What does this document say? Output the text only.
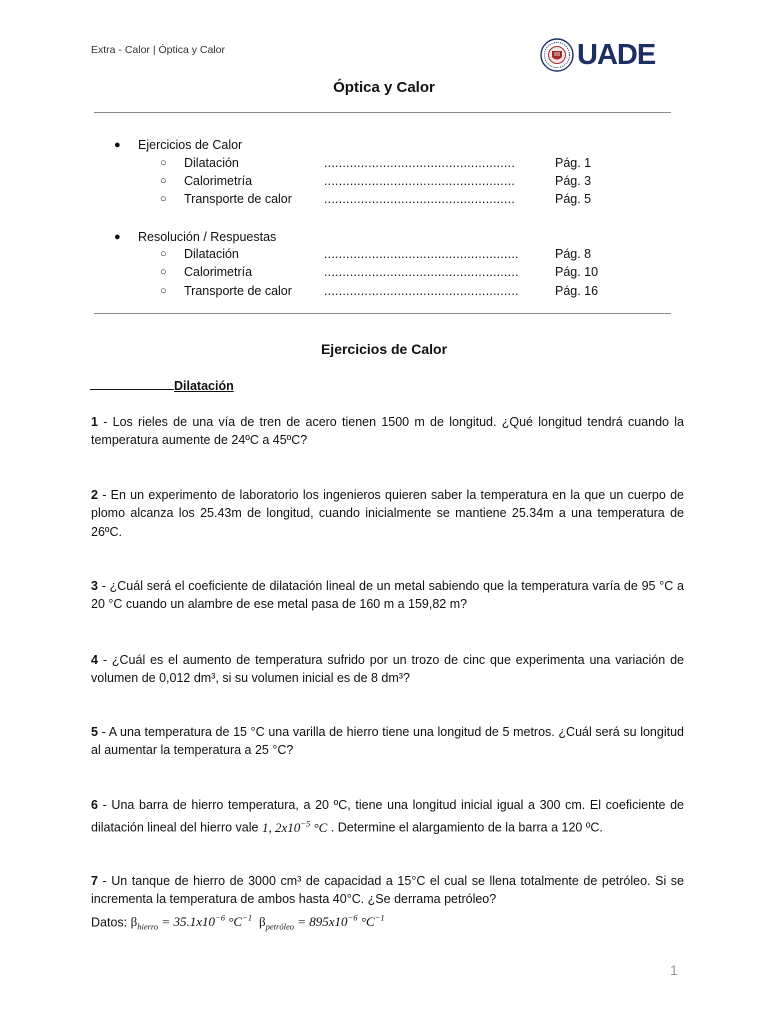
Extra - Calor | Óptica y Calor	UADE
Óptica y Calor
● Ejercicios de Calor
○ Dilatación	....................................................	Pág. 1
○ Calorimetría	....................................................	Pág. 3
○ Transporte de calor	....................................................	Pág. 5
● Resolución / Respuestas
○ Dilatación	.....................................................	Pág. 8
○ Calorimetría	.....................................................	Pág. 10
○ Transporte de calor	.....................................................	Pág. 16
Ejercicios de Calor
Dilatación
1 - Los rieles de una vía de tren de acero tienen 1500 m de longitud. ¿Qué longitud tendrá cuando la temperatura aumente de 24ºC a 45ºC?
2 - En un experimento de laboratorio los ingenieros quieren saber la temperatura en la que un cuerpo de plomo alcanza los 25.43m de longitud, cuando inicialmente se mantiene 25.34m a una temperatura de 26ºC.
3 - ¿Cuál será el coeficiente de dilatación lineal de un metal sabiendo que la temperatura varía de 95 °C a 20 °C cuando un alambre de ese metal pasa de 160 m a 159,82 m?
4 - ¿Cuál es el aumento de temperatura sufrido por un trozo de cinc que experimenta una variación de volumen de 0,012 dm³, si su volumen inicial es de 8 dm³?
5 - A una temperatura de 15 °C una varilla de hierro tiene una longitud de 5 metros. ¿Cuál será su longitud al aumentar la temperatura a 25 °C?
6 - Una barra de hierro temperatura, a 20 ºC, tiene una longitud inicial igual a 300 cm. El coeficiente de dilatación lineal del hierro vale 1, $2x10^{-5}$ °C . Determine el alargamiento de la barra a 120 ºC.
7 - Un tanque de hierro de 3000 cm³ de capacidad a 15°C el cual se llena totalmente de petróleo. Si se incrementa la temperatura de ambos hasta 40°C. ¿Se derrama petróleo?
Datos: $\beta_{hierro} = 35.1x10^{-6}$ $^\circ C^{-1}$ $\beta_{petróleo} = 895x10^{-6}$ $^\circ C^{-1}$
1
